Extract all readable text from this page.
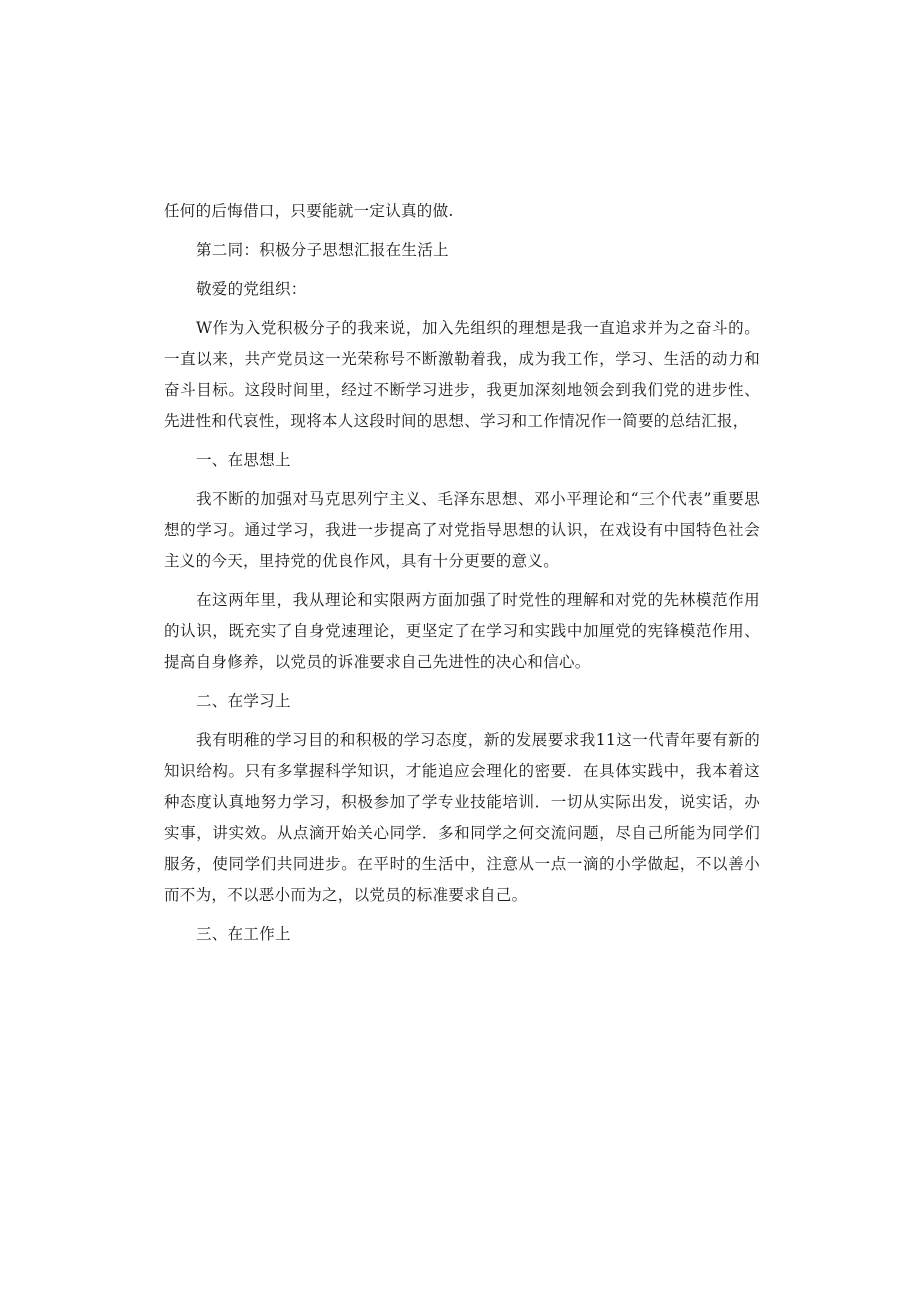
任何的后悔借口，只要能就一定认真的做.

第二同：积极分子思想汇报在生活上

敬爱的党组织：

W作为入党积极分子的我来说，加入先组织的理想是我一直追求并为之奋斗的。一直以来，共产党员这一光荣称号不断激勒着我，成为我工作，学习、生活的动力和奋斗目标。这段时间里，经过不断学习进步，我更加深刻地领会到我们党的进步性、先进性和代哀性，现将本人这段时间的思想、学习和工作情况作一简要的总结汇报，

一、在思想上

我不断的加强对马克思列宁主义、毛泽东思想、邓小平理论和“三个代表”重要思想的学习。通过学习，我进一步提高了对党指导思想的认识，在戏设有中国特色社会主义的今天，里持党的优良作风，具有十分更要的意义。

在这两年里，我从理论和实限两方面加强了时党性的理解和对党的先林模范作用的认识，既充实了自身党速理论，更坚定了在学习和实践中加厘党的宪锋模范作用、提高自身修养，以党员的诉准要求自己先进性的决心和信心。

二、在学习上

我有明稚的学习目的和积极的学习态度，新的发展要求我11这一代青年要有新的知识给构。只有多掌握科学知识，才能追应会理化的密要．在具体实践中，我本着这种态度认真地努力学习，积极参加了学专业技能培训．一切从实际出发，说实话，办实事，讲实效。从点滴开始关心同学．多和同学之何交流问题，尽自己所能为同学们服务，使同学们共同进步。在平时的生活中，注意从一点一滴的小学做起，不以善小而不为，不以恶小而为之，以党员的标准要求自己。

三、在工作上
